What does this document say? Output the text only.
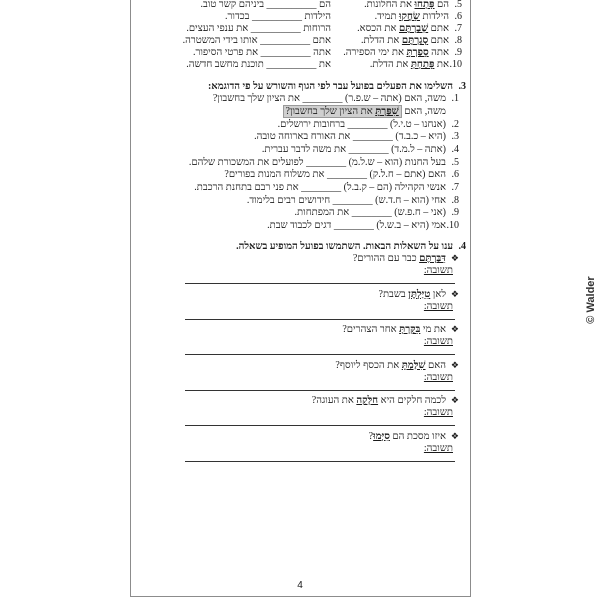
5.
הם פָּתְחוּ את החלונות.
הם __________ ביניהם קשר טוב.
6.
הילדות שָׂחֲקוּ תמיד.
הילדות __________ בכדור.
7.
אתם שְׁבַרְתֶּם את הכסא.
הרוחות __________ את ענפי העצים.
8.
אתם סְגַרְתֶּם את הדלת.
אתם __________ אותו בידי המשטרה.
9.
אתה סָפַרְתָּ את ימי הספירה.
אתה __________ את פרטי הסיפור.
10.
את פָּתַחְתְּ את הדלת.
את __________ תוכנת מחשב חדשה.
3.
השלימו את הפעלים בפועל עבר לפי הגוף והשורש על פי הדוגמא:
1.
משה, האם (אתה – ש.פ.ר) ________ את הציון שלך בחשבון?
משה, האם שִׁפַּרְתָּ את הציון שלך בחשבון?
2.
(אנחנו – ט.י.ל) ________ ברחובות ירושלים.
3.
(היא – כ.ב.ד) ________ את האורח בארוחה טובה.
4.
(אתה – ל.מ.ד) ________ את משה לדבר עברית.
5.
בעל החנות (הוא – ש.ל.מ) ________ לפועלים את המשכורת שלהם.
6.
האם (אתם – ח.ל.ק) ________ את משלוח המנות בפורים?
7.
אנשי הקהילה (הם – ק.ב.ל) ________ את פני רבם בתחנת הרכבת.
8.
אחי (הוא – ח.ד.ש) ________ חידושים רבים בלימוד.
9.
(אני – ח.פ.ש) ________ את המפתחות.
10.
אמי (היא – ב.ש.ל) ________ דגים לכבוד שבת.
4.
ענו על השאלות הבאות. השתמשו בפועל המופיע בשאלה.
❖
דִּבַּרְתֶּם כבר עם ההורים?
תשובה:
❖
לאן טִיַּלְתֶּן בשבת?
תשובה:
❖
את מי בִּקַּרְתְּ אחר הצהרים?
תשובה:
❖
האם שִׁלַּמְתָּ את הכסף ליוסף?
תשובה:
❖
לכמה חלקים היא חִלְּקָה את העוגה?
תשובה:
❖
איזו מסכת הם סִיְּמוּ?
תשובה:
4
© Walder
